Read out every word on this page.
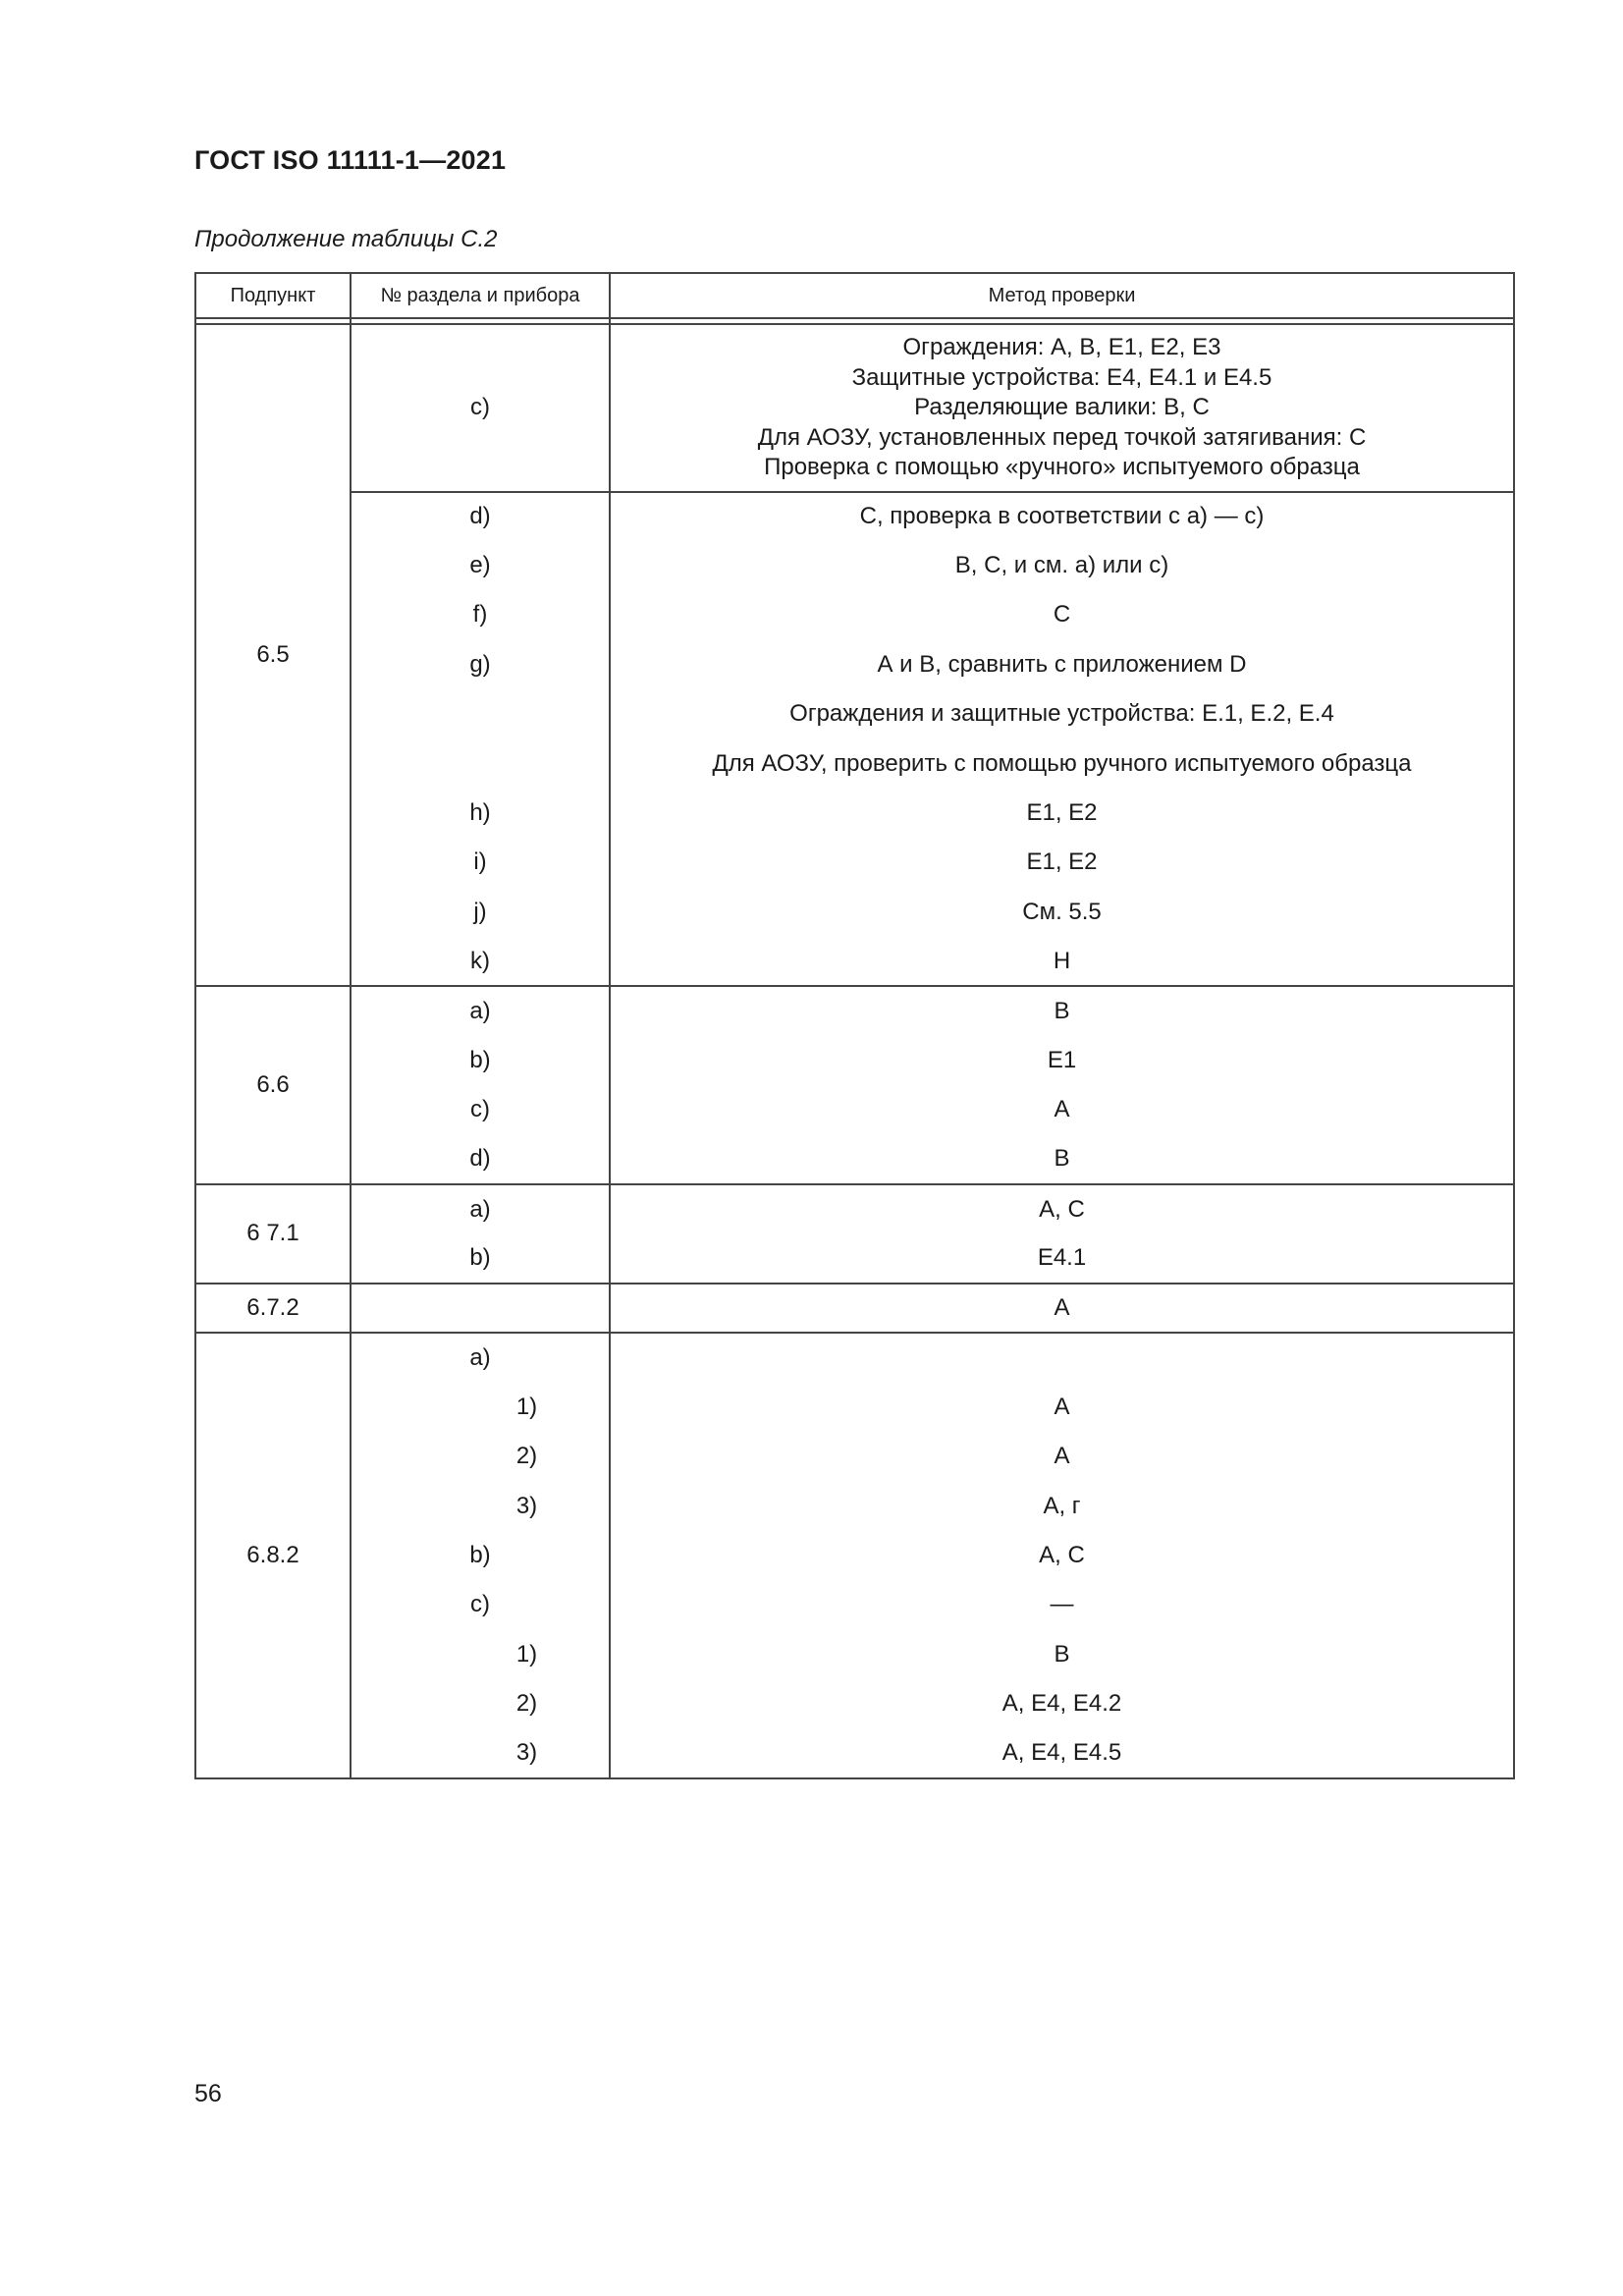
ГОСТ ISO 11111-1—2021
Продолжение таблицы С.2
Подпункт	№ раздела и прибора	Метод проверки

6.5	c)	Ограждения: А, В, Е1, Е2, Е3
Защитные устройства: Е4, Е4.1 и Е4.5
Разделяющие валики: В, С
Для АОЗУ, установленных перед точкой затягивания: С
Проверка с помощью «ручного» испытуемого образца

	d)	С, проверка в соответствии с а) — с)
	e)	В, С, и см. а) или с)
	f)	С
	g)	А и В, сравнить с приложением D
		Ограждения и защитные устройства: Е.1, Е.2, Е.4
		Для АОЗУ, проверить с помощью ручного испытуемого образца
	h)	Е1, Е2
	i)	Е1, Е2
	j)	См. 5.5
	k)	Н
6.6	a)	В
	b)	Е1
	c)	А
	d)	В
6 7.1	a)	А, С
	b)	Е4.1
6.7.2		А
6.8.2	a)	
	1)	А
	2)	А
	3)	А, г
	b)	А, С
	c)	—
	1)	В
	2)	А, Е4, Е4.2
	3)	А, Е4, Е4.5
56
